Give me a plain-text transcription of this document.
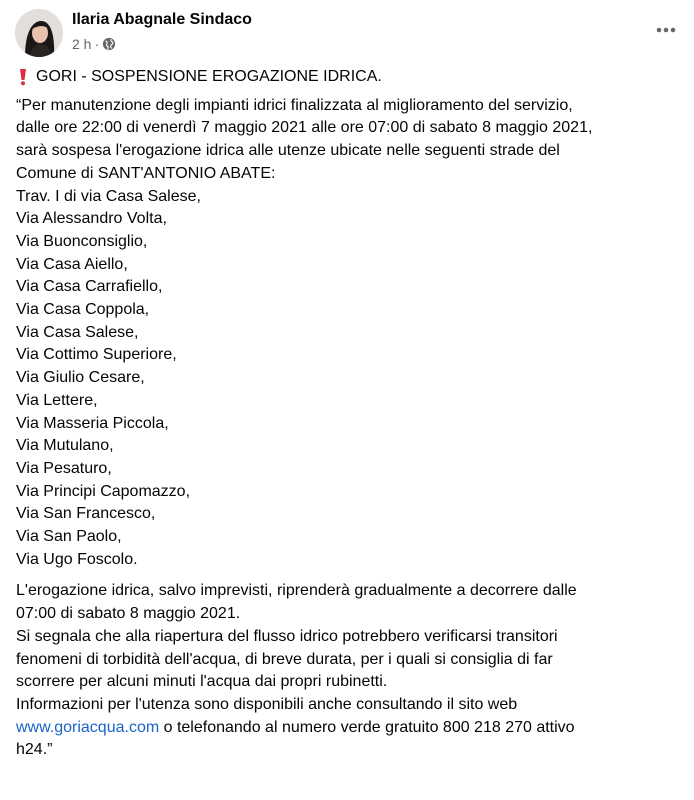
Ilaria Abagnale Sindaco
2 h ·
GORI - SOSPENSIONE EROGAZIONE IDRICA.

“Per manutenzione degli impianti idrici finalizzata al miglioramento del servizio,
dalle ore 22:00 di venerdì 7 maggio 2021 alle ore 07:00 di sabato 8 maggio 2021,
sarà sospesa l'erogazione idrica alle utenze ubicate nelle seguenti strade del
Comune di SANT'ANTONIO ABATE:

Trav. I di via Casa Salese,
Via Alessandro Volta,
Via Buonconsiglio,
Via Casa Aiello,
Via Casa Carrafiello,
Via Casa Coppola,
Via Casa Salese,
Via Cottimo Superiore,
Via Giulio Cesare,
Via Lettere,
Via Masseria Piccola,
Via Mutulano,
Via Pesaturo,
Via Principi Capomazzo,
Via San Francesco,
Via San Paolo,
Via Ugo Foscolo.

L'erogazione idrica, salvo imprevisti, riprenderà gradualmente a decorrere dalle
07:00 di sabato 8 maggio 2021.

Si segnala che alla riapertura del flusso idrico potrebbero verificarsi transitori
fenomeni di torbidità dell'acqua, di breve durata, per i quali si consiglia di far
scorrere per alcuni minuti l'acqua dai propri rubinetti.

Informazioni per l'utenza sono disponibili anche consultando il sito web
www.goriacqua.com o telefonando al numero verde gratuito 800 218 270 attivo
h24.”
